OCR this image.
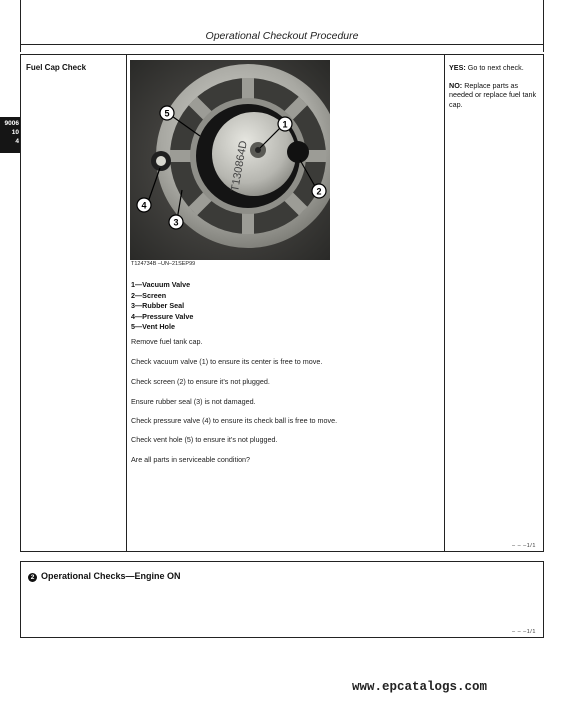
Operational Checkout Procedure
9006
10
4
Fuel Cap Check
T130864D
1
2
3
4
5
T124734B –UN–21SEP99
1—Vacuum Valve
2—Screen
3—Rubber Seal
4—Pressure Valve
5—Vent Hole
Remove fuel tank cap.
Check vacuum valve (1) to ensure its center is free to move.
Check screen (2) to ensure it’s not plugged.
Ensure rubber seal (3) is not damaged.
Check pressure valve (4) to ensure its check ball is free to move.
Check vent hole (5) to ensure it’s not plugged.
Are all parts in serviceable condition?

YES: Go to next check.

NO: Replace parts as needed or replace fuel tank cap.

– – –1/1
2 Operational Checks—Engine ON
– – –1/1
www.epcatalogs.com
